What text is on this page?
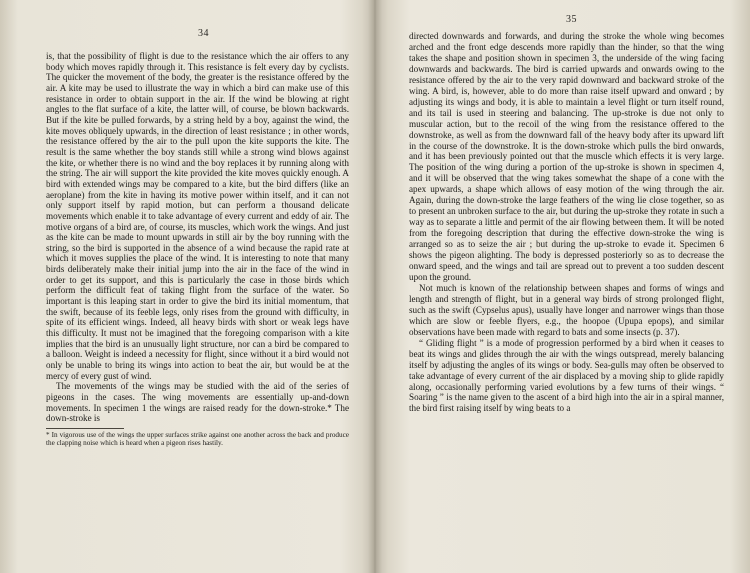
34

is, that the possibility of flight is due to the resistance which the air offers to any body which moves rapidly through it. This resistance is felt every day by cyclists. The quicker the movement of the body, the greater is the resistance offered by the air. A kite may be used to illustrate the way in which a bird can make use of this resistance in order to obtain support in the air. If the wind be blowing at right angles to the flat surface of a kite, the latter will, of course, be blown backwards. But if the kite be pulled forwards, by a string held by a boy, against the wind, the kite moves obliquely upwards, in the direction of least resistance ; in other words, the resistance offered by the air to the pull upon the kite supports the kite. The result is the same whether the boy stands still while a strong wind blows against the kite, or whether there is no wind and the boy replaces it by running along with the string. The air will support the kite provided the kite moves quickly enough. A bird with extended wings may be compared to a kite, but the bird differs (like an aeroplane) from the kite in having its motive power within itself, and it can not only support itself by rapid motion, but can perform a thousand delicate movements which enable it to take advantage of every current and eddy of air. The motive organs of a bird are, of course, its muscles, which work the wings. And just as the kite can be made to mount upwards in still air by the boy running with the string, so the bird is supported in the absence of a wind because the rapid rate at which it moves supplies the place of the wind. It is interesting to note that many birds deliberately make their initial jump into the air in the face of the wind in order to get its support, and this is particularly the case in those birds which perform the difficult feat of taking flight from the surface of the water. So important is this leaping start in order to give the bird its initial momentum, that the swift, because of its feeble legs, only rises from the ground with difficulty, in spite of its efficient wings. Indeed, all heavy birds with short or weak legs have this difficulty. It must not be imagined that the foregoing comparison with a kite implies that the bird is an unusually light structure, nor can a bird be compared to a balloon. Weight is indeed a necessity for flight, since without it a bird would not only be unable to bring its wings into action to beat the air, but would be at the mercy of every gust of wind.

The movements of the wings may be studied with the aid of the series of pigeons in the cases. The wing movements are essentially up-and-down movements. In specimen 1 the wings are raised ready for the down-stroke.* The down-stroke is

* In vigorous use of the wings the upper surfaces strike against one another across the back and produce the clapping noise which is heard when a pigeon rises hastily.

35

directed downwards and forwards, and during the stroke the whole wing becomes arched and the front edge descends more rapidly than the hinder, so that the wing takes the shape and position shown in specimen 3, the underside of the wing facing downwards and backwards. The bird is carried upwards and onwards owing to the resistance offered by the air to the very rapid downward and backward stroke of the wing. A bird, is, however, able to do more than raise itself upward and onward ; by adjusting its wings and body, it is able to maintain a level flight or turn itself round, and its tail is used in steering and balancing. The up-stroke is due not only to muscular action, but to the recoil of the wing from the resistance offered to the downstroke, as well as from the downward fall of the heavy body after its upward lift in the course of the downstroke. It is the down-stroke which pulls the bird onwards, and it has been previously pointed out that the muscle which effects it is very large. The position of the wing during a portion of the up-stroke is shown in specimen 4, and it will be observed that the wing takes somewhat the shape of a cone with the apex upwards, a shape which allows of easy motion of the wing through the air. Again, during the down-stroke the large feathers of the wing lie close together, so as to present an unbroken surface to the air, but during the up-stroke they rotate in such a way as to separate a little and permit of the air flowing between them. It will be noted from the foregoing description that during the effective down-stroke the wing is arranged so as to seize the air ; but during the up-stroke to evade it. Specimen 6 shows the pigeon alighting. The body is depressed posteriorly so as to decrease the onward speed, and the wings and tail are spread out to prevent a too sudden descent upon the ground.

Not much is known of the relationship between shapes and forms of wings and length and strength of flight, but in a general way birds of strong prolonged flight, such as the swift (Cypselus apus), usually have longer and narrower wings than those which are slow or feeble flyers, e.g., the hoopoe (Upupa epops), and similar observations have been made with regard to bats and some insects (p. 37).

“ Gliding flight ” is a mode of progression performed by a bird when it ceases to beat its wings and glides through the air with the wings outspread, merely balancing itself by adjusting the angles of its wings or body. Sea-gulls may often be observed to take advantage of every current of the air displaced by a moving ship to glide rapidly along, occasionally performing varied evolutions by a few turns of their wings. “ Soaring ” is the name given to the ascent of a bird high into the air in a spiral manner, the bird first raising itself by wing beats to a
